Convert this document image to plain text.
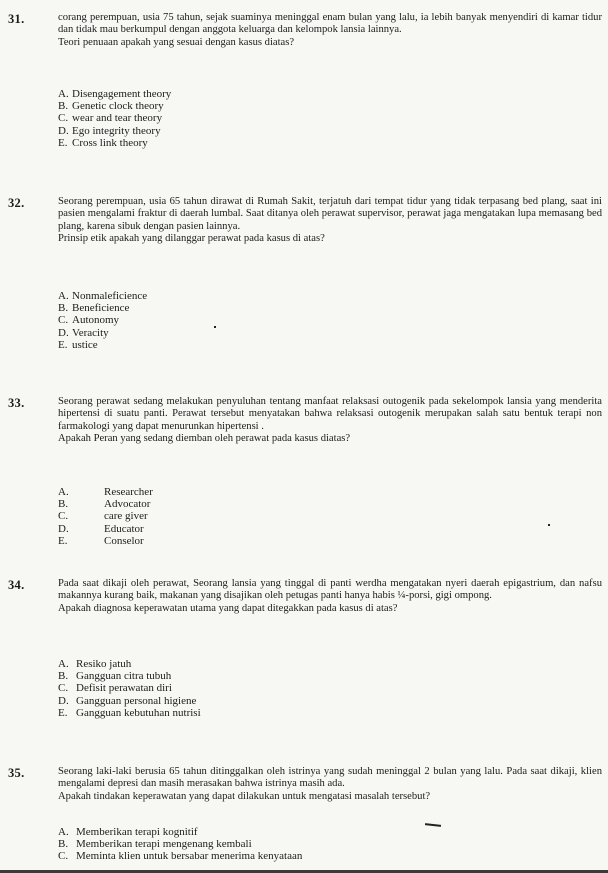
31.	corang perempuan, usia 75 tahun, sejak suaminya meninggal enam bulan yang lalu, ia lebih banyak menyendiri di kamar tidur dan tidak mau berkumpul dengan anggota keluarga dan kelompok lansia lainnya.
Teori penuaan apakah yang sesuai dengan kasus diatas?
A. Disengagement theory
B. Genetic clock theory
C. wear and tear theory
D. Ego integrity theory
E. Cross link theory
32.	Seorang perempuan, usia 65 tahun dirawat di Rumah Sakit, terjatuh dari tempat tidur yang tidak terpasang bed plang, saat ini pasien mengalami fraktur di daerah lumbal. Saat ditanya oleh perawat supervisor, perawat jaga mengatakan lupa memasang bed plang, karena sibuk dengan pasien lainnya.
Prinsip etik apakah yang dilanggar perawat pada kasus di atas?
A. Nonmaleficience
B. Beneficience
C. Autonomy
D. Veracity
E. ustice
33.	Seorang perawat sedang melakukan penyuluhan tentang manfaat relaksasi outogenik pada sekelompok lansia yang menderita hipertensi di suatu panti. Perawat tersebut menyatakan bahwa relaksasi outogenik merupakan salah satu bentuk terapi non farmakologi yang dapat menurunkan hipertensi .
Apakah Peran yang sedang diemban oleh perawat pada kasus diatas?
A.	Researcher
B.	Advocator
C.	care giver
D.	Educator
E.	Conselor
34.	Pada saat dikaji oleh perawat, Seorang lansia yang tinggal di panti werdha mengatakan nyeri daerah epigastrium, dan nafsu makannya kurang baik, makanan yang disajikan oleh petugas panti hanya habis ¼-porsi, gigi ompong.
Apakah diagnosa keperawatan utama yang dapat ditegakkan pada kasus di atas?
A. Resiko jatuh
B. Gangguan citra tubuh
C. Defisit perawatan diri
D. Gangguan personal higiene
E. Gangguan kebutuhan nutrisi
35.	Seorang laki-laki berusia 65 tahun ditinggalkan oleh istrinya yang sudah meninggal 2 bulan yang lalu. Pada saat dikaji, klien mengalami depresi dan masih merasakan bahwa istrinya masih ada.
Apakah tindakan keperawatan yang dapat dilakukan untuk mengatasi masalah tersebut?
A. Memberikan terapi kognitif
B. Memberikan terapi mengenang kembali
C. Meminta klien untuk bersabar menerima kenyataan
